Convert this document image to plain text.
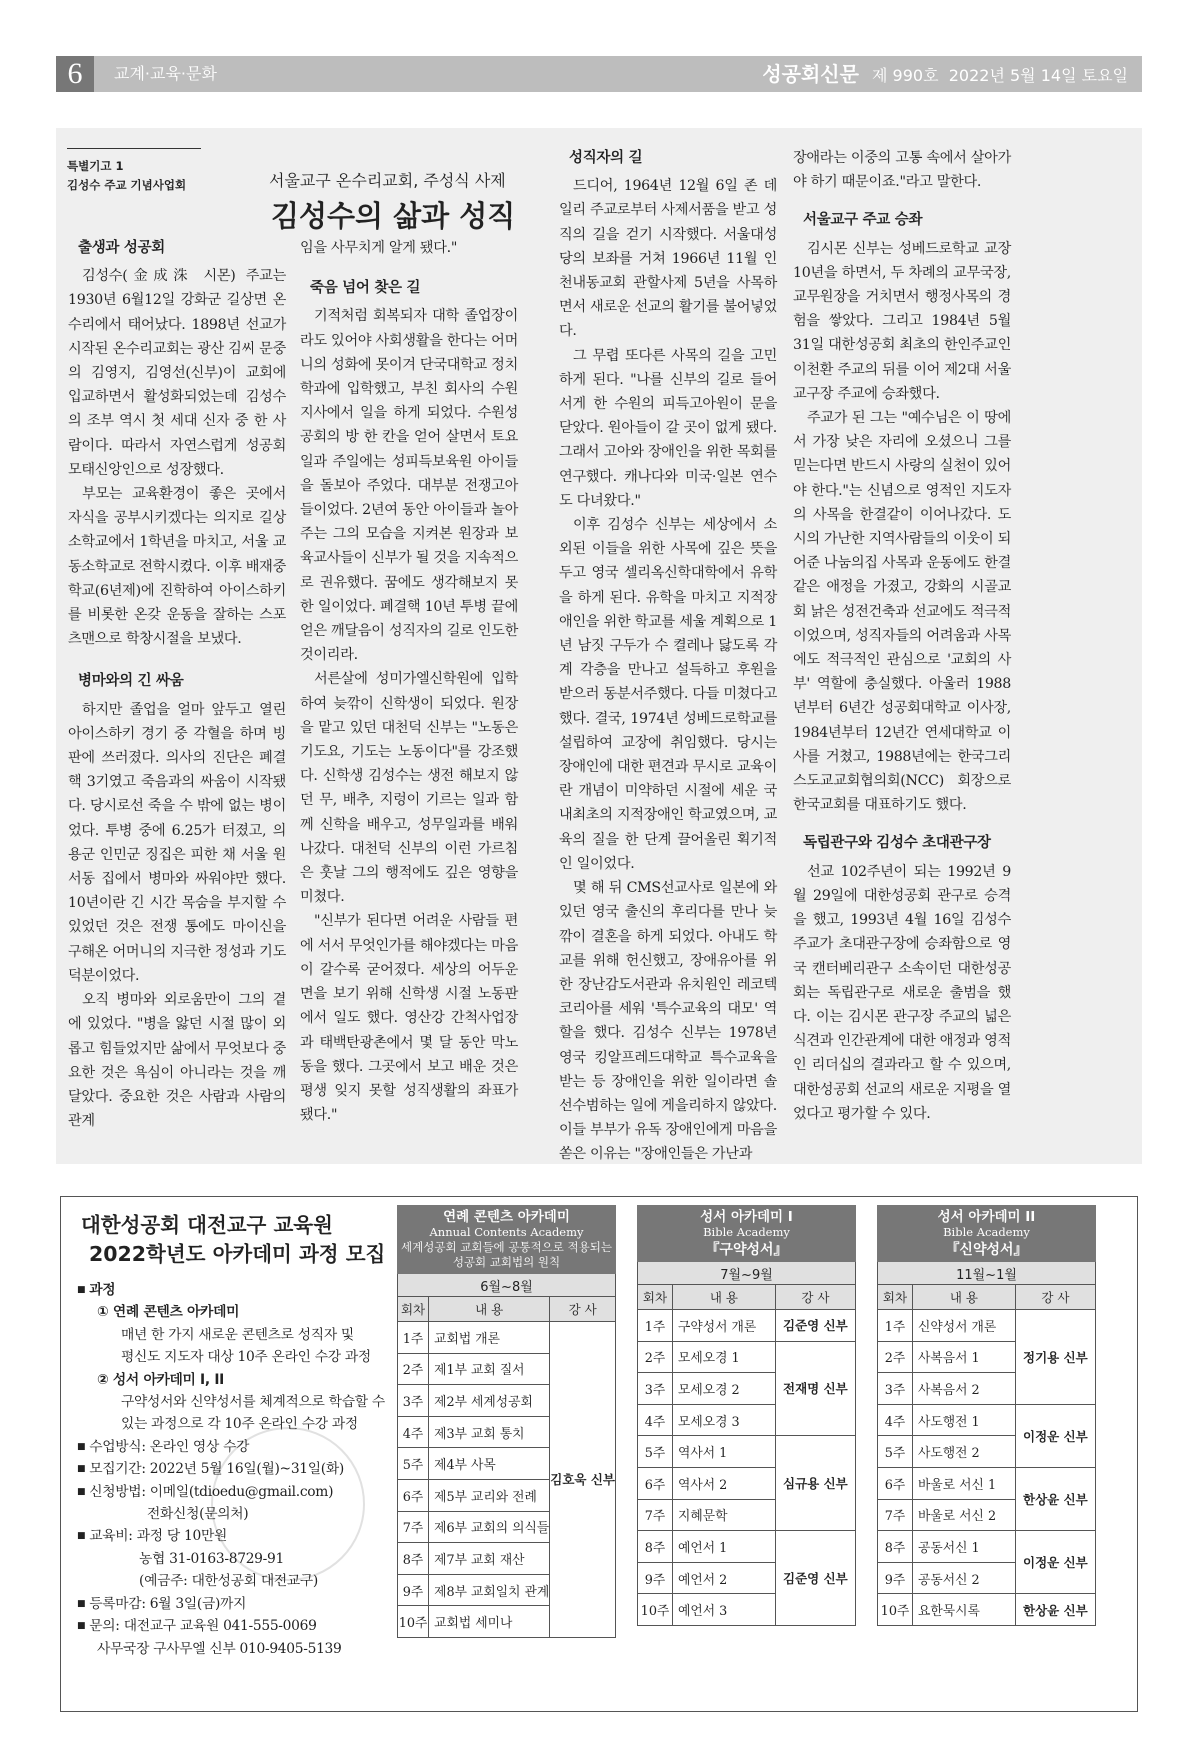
6	교계·교육·문화	성공회신문 제 990호 2022년 5월 14일 토요일
특별기고 1
김성수 주교 기념사업회	서울교구 온수리교회, 주성식 사제
김성수의 삶과 성직
출생과 성공회

김성수(金成洙 시몬) 주교는 1930년 6월12일 강화군 길상면 온수리에서 태어났다. 1898년 선교가 시작된 온수리교회는 광산 김씨 문중의 김영지, 김영선(신부)이 교회에 입교하면서 활성화되었는데 김성수의 조부 역시 첫 세대 신자 중 한 사람이다. 따라서 자연스럽게 성공회 모태신앙인으로 성장했다.

부모는 교육환경이 좋은 곳에서 자식을 공부시키겠다는 의지로 길상소학교에서 1학년을 마치고, 서울 교동소학교로 전학시켰다. 이후 배재중학교(6년제)에 진학하여 아이스하키를 비롯한 온갖 운동을 잘하는 스포츠맨으로 학창시절을 보냈다.

병마와의 긴 싸움

하지만 졸업을 얼마 앞두고 열린 아이스하키 경기 중 각혈을 하며 빙판에 쓰러졌다. 의사의 진단은 폐결핵 3기였고 죽음과의 싸움이 시작됐다. 당시로선 죽을 수 밖에 없는 병이었다. 투병 중에 6.25가 터졌고, 의용군 인민군 징집은 피한 채 서울 원서동 집에서 병마와 싸워야만 했다. 10년이란 긴 시간 목숨을 부지할 수 있었던 것은 전쟁 통에도 마이신을 구해온 어머니의 지극한 정성과 기도 덕분이었다.

오직 병마와 외로움만이 그의 곁에 있었다. "병을 앓던 시절 많이 외롭고 힘들었지만 삶에서 무엇보다 중요한 것은 욕심이 아니라는 것을 깨달았다. 중요한 것은 사람과 사람의 관계

임을 사무치게 알게 됐다."

죽음 넘어 찾은 길

기적처럼 회복되자 대학 졸업장이라도 있어야 사회생활을 한다는 어머니의 성화에 못이겨 단국대학교 정치학과에 입학했고, 부친 회사의 수원지사에서 일을 하게 되었다. 수원성공회의 방 한 칸을 얻어 살면서 토요일과 주일에는 성피득보육원 아이들을 돌보아 주었다. 대부분 전쟁고아들이었다. 2년여 동안 아이들과 놀아주는 그의 모습을 지켜본 원장과 보육교사들이 신부가 될 것을 지속적으로 권유했다. 꿈에도 생각해보지 못한 일이었다. 폐결핵 10년 투병 끝에 얻은 깨달음이 성직자의 길로 인도한 것이리라.

서른살에 성미가엘신학원에 입학하여 늦깎이 신학생이 되었다. 원장을 맡고 있던 대천덕 신부는 "노동은 기도요, 기도는 노동이다"를 강조했다. 신학생 김성수는 생전 해보지 않던 무, 배추, 지렁이 기르는 일과 함께 신학을 배우고, 성무일과를 배워나갔다. 대천덕 신부의 이런 가르침은 훗날 그의 행적에도 깊은 영향을 미쳤다.

"신부가 된다면 어려운 사람들 편에 서서 무엇인가를 해야겠다는 마음이 갈수록 굳어졌다. 세상의 어두운 면을 보기 위해 신학생 시절 노동판에서 일도 했다. 영산강 간척사업장과 태백탄광촌에서 몇 달 동안 막노동을 했다. 그곳에서 보고 배운 것은 평생 잊지 못할 성직생활의 좌표가 됐다."

성직자의 길

드디어, 1964년 12월 6일 존 데일리 주교로부터 사제서품을 받고 성직의 길을 걷기 시작했다. 서울대성당의 보좌를 거쳐 1966년 11월 인천내동교회 관할사제 5년을 사목하면서 새로운 선교의 활기를 불어넣었다.

그 무렵 또다른 사목의 길을 고민하게 된다. "나를 신부의 길로 들어서게 한 수원의 피득고아원이 문을 닫았다. 원아들이 갈 곳이 없게 됐다. 그래서 고아와 장애인을 위한 목회를 연구했다. 캐나다와 미국·일본 연수도 다녀왔다."

이후 김성수 신부는 세상에서 소외된 이들을 위한 사목에 깊은 뜻을 두고 영국 셀리옥신학대학에서 유학을 하게 된다. 유학을 마치고 지적장애인을 위한 학교를 세울 계획으로 1년 남짓 구두가 수 켤레나 닳도록 각계 각층을 만나고 설득하고 후원을 받으러 동분서주했다. 다들 미쳤다고 했다. 결국, 1974년 성베드로학교를 설립하여 교장에 취임했다. 당시는 장애인에 대한 편견과 무시로 교육이란 개념이 미약하던 시절에 세운 국내최초의 지적장애인 학교였으며, 교육의 질을 한 단계 끌어올린 획기적인 일이었다.

몇 해 뒤 CMS선교사로 일본에 와 있던 영국 출신의 후리다를 만나 늦깎이 결혼을 하게 되었다. 아내도 학교를 위해 헌신했고, 장애유아를 위한 장난감도서관과 유치원인 레코텍코리아를 세워 '특수교육의 대모' 역할을 했다. 김성수 신부는 1978년 영국 킹알프레드대학교 특수교육을 받는 등 장애인을 위한 일이라면 솔선수범하는 일에 게을리하지 않았다. 이들 부부가 유독 장애인에게 마음을 쏟은 이유는 "장애인들은 가난과

장애라는 이중의 고통 속에서 살아가야 하기 때문이죠."라고 말한다.

서울교구 주교 승좌

김시몬 신부는 성베드로학교 교장 10년을 하면서, 두 차례의 교무국장, 교무원장을 거치면서 행정사목의 경험을 쌓았다. 그리고 1984년 5월 31일 대한성공회 최초의 한인주교인 이천환 주교의 뒤를 이어 제2대 서울교구장 주교에 승좌했다.

주교가 된 그는 "예수님은 이 땅에서 가장 낮은 자리에 오셨으니 그를 믿는다면 반드시 사랑의 실천이 있어야 한다."는 신념으로 영적인 지도자의 사목을 한결같이 이어나갔다. 도시의 가난한 지역사람들의 이웃이 되어준 나눔의집 사목과 운동에도 한결 같은 애정을 가졌고, 강화의 시골교회 낡은 성전건축과 선교에도 적극적이었으며, 성직자들의 어려움과 사목에도 적극적인 관심으로 '교회의 사부' 역할에 충실했다. 아울러 1988년부터 6년간 성공회대학교 이사장, 1984년부터 12년간 연세대학교 이사를 거쳤고, 1988년에는 한국그리스도교교회협의회(NCC) 회장으로 한국교회를 대표하기도 했다.

독립관구와 김성수 초대관구장

선교 102주년이 되는 1992년 9월 29일에 대한성공회 관구로 승격을 했고, 1993년 4월 16일 김성수 주교가 초대관구장에 승좌함으로 영국 캔터베리관구 소속이던 대한성공회는 독립관구로 새로운 출범을 했다. 이는 김시몬 관구장 주교의 넓은 식견과 인간관계에 대한 애정과 영적인 리더십의 결과라고 할 수 있으며, 대한성공회 선교의 새로운 지평을 열었다고 평가할 수 있다.

대한성공회 대전교구 교육원
2022학년도 아카데미 과정 모집
■ 과정
① 연례 콘텐츠 아카데미
매년 한 가지 새로운 콘텐츠로 성직자 및
평신도 지도자 대상 10주 온라인 수강 과정
② 성서 아카데미 I, II
구약성서와 신약성서를 체계적으로 학습할 수
있는 과정으로 각 10주 온라인 수강 과정
■ 수업방식: 온라인 영상 수강
■ 모집기간: 2022년 5월 16일(월)~31일(화)
■ 신청방법: 이메일(tdioedu@gmail.com)
전화신청(문의처)
■ 교육비: 과정 당 10만원
농협 31-0163-8729-91
(예금주: 대한성공회 대전교구)
■ 등록마감: 6월 3일(금)까지
■ 문의: 대전교구 교육원 041-555-0069
사무국장 구사무엘 신부 010-9405-5139
연례 콘텐츠 아카데미
Annual Contents Academy
세계성공회 교회들에 공통적으로 적용되는
성공회 교회법의 원칙		

6월~8월		
회차	내 용	강 사
1주	교회법 개론	김호욱 신부
2주	제1부 교회 질서	
3주	제2부 세계성공회	
4주	제3부 교회 통치	
5주	제4부 사목	
6주	제5부 교리와 전례	
7주	제6부 교회의 의식들	
8주	제7부 교회 재산	
9주	제8부 교회일치 관계	
10주	교회법 세미나	
성서 아카데미 I
Bible Academy
『구약성서』		

7월~9월		
회차	내 용	강 사
1주	구약성서 개론	김준영 신부
2주	모세오경 1	전재명 신부
3주	모세오경 2	
4주	모세오경 3	
5주	역사서 1	심규용 신부
6주	역사서 2	
7주	지혜문학	
8주	예언서 1	김준영 신부
9주	예언서 2	
10주	예언서 3	
성서 아카데미 II
Bible Academy
『신약성서』		

11월~1월		
회차	내 용	강 사
1주	신약성서 개론	정기용 신부
2주	사복음서 1	
3주	사복음서 2	
4주	사도행전 1	이정운 신부
5주	사도행전 2	
6주	바울로 서신 1	한상윤 신부
7주	바울로 서신 2	
8주	공동서신 1	이정운 신부
9주	공동서신 2	
10주	요한묵시록	한상윤 신부
